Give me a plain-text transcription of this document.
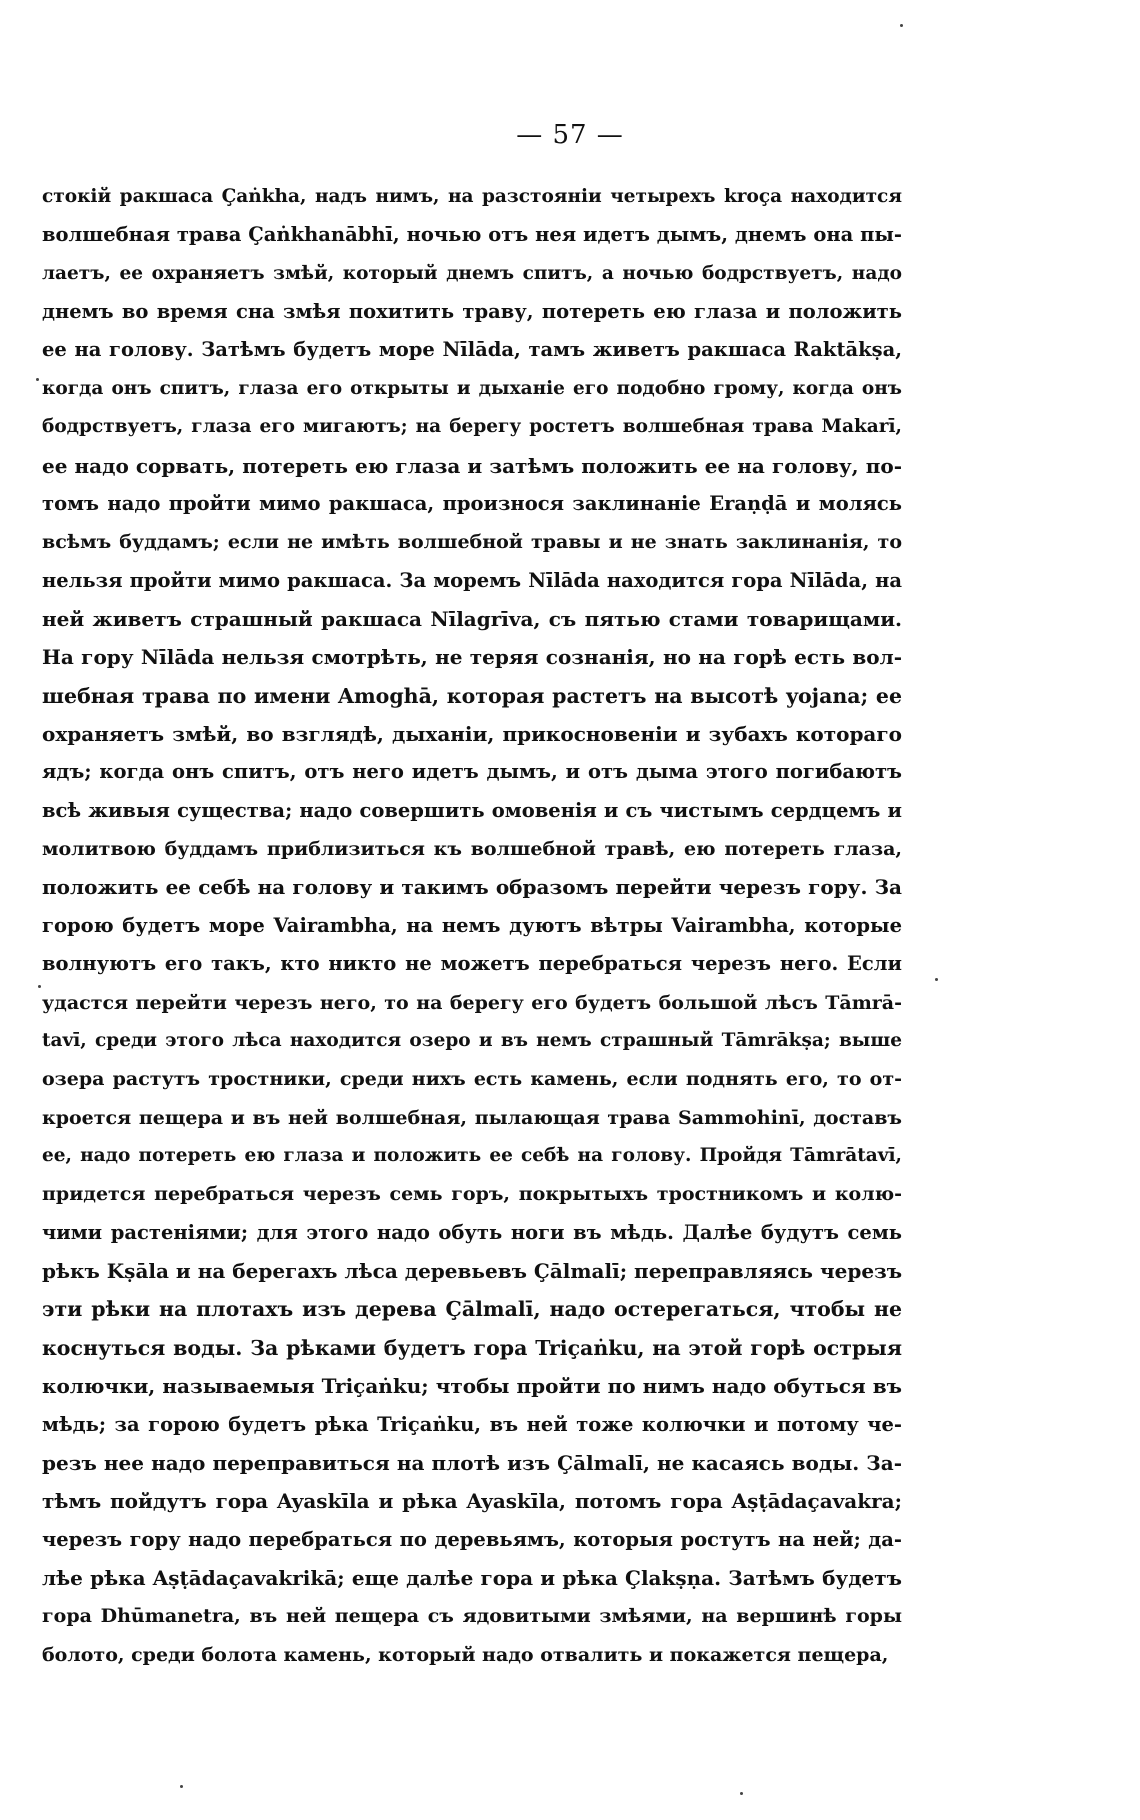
— 57 —
стокій ракшаса Çaṅkha, надъ нимъ, на разстояніи четырехъ kroça находится
волшебная трава Çaṅkhanābhī, ночью отъ нея идетъ дымъ, днемъ она пы-
лаетъ, ее охраняетъ змѣй, который днемъ спитъ, а ночью бодрствуетъ, надо
днемъ во время сна змѣя похитить траву, потереть ею глаза и положить
ее на голову. Затѣмъ будетъ море Nīlāda, тамъ живетъ ракшаса Raktākṣa,
когда онъ спитъ, глаза его открыты и дыханіе его подобно грому, когда онъ
бодрствуетъ, глаза его мигаютъ; на берегу ростетъ волшебная трава Makarī,
ее надо сорвать, потереть ею глаза и затѣмъ положить ее на голову, по-
томъ надо пройти мимо ракшаса, произнося заклинаніе Eraṇḍā и молясь
всѣмъ буддамъ; если не имѣть волшебной травы и не знать заклинанія, то
нельзя пройти мимо ракшаса. За моремъ Nīlāda находится гора Nīlāda, на
ней живетъ страшный ракшаса Nīlagrīva, съ пятью стами товарищами.
На гору Nīlāda нельзя смотрѣть, не теряя сознанія, но на горѣ есть вол-
шебная трава по имени Amoghā, которая растетъ на высотѣ yojana; ее
охраняетъ змѣй, во взглядѣ, дыханіи, прикосновеніи и зубахъ котораго
ядъ; когда онъ спитъ, отъ него идетъ дымъ, и отъ дыма этого погибаютъ
всѣ живыя существа; надо совершить омовенія и съ чистымъ сердцемъ и
молитвою буддамъ приблизиться къ волшебной травѣ, ею потереть глаза,
положить ее себѣ на голову и такимъ образомъ перейти черезъ гору. За
горою будетъ море Vairambha, на немъ дуютъ вѣтры Vairambha, которые
волнуютъ его такъ, кто никто не можетъ перебраться черезъ него. Если
удастся перейти черезъ него, то на берегу его будетъ большой лѣсъ Tāmrā-
tavī, среди этого лѣса находится озеро и въ немъ страшный Tāmrākṣa; выше
озера растутъ тростники, среди нихъ есть камень, если поднять его, то от-
кроется пещера и въ ней волшебная, пылающая трава Sammohinī, доставъ
ее, надо потереть ею глаза и положить ее себѣ на голову. Пройдя Tāmrātavī,
придется перебраться черезъ семь горъ, покрытыхъ тростникомъ и колю-
чими растеніями; для этого надо обуть ноги въ мѣдь. Далѣе будутъ семь
рѣкъ Kṣāla и на берегахъ лѣса деревьевъ Çālmalī; переправляясь черезъ
эти рѣки на плотахъ изъ дерева Çālmalī, надо остерегаться, чтобы не
коснуться воды. За рѣками будетъ гора Triçaṅku, на этой горѣ острыя
колючки, называемыя Triçaṅku; чтобы пройти по нимъ надо обуться въ
мѣдь; за горою будетъ рѣка Triçaṅku, въ ней тоже колючки и потому че-
резъ нее надо переправиться на плотѣ изъ Çālmalī, не касаясь воды. За-
тѣмъ пойдутъ гора Ayaskīla и рѣка Ayaskīla, потомъ гора Aṣṭādaçavakra;
черезъ гору надо перебраться по деревьямъ, которыя ростутъ на ней; да-
лѣе рѣка Aṣṭādaçavakrikā; еще далѣе гора и рѣка Çlakṣṇa. Затѣмъ будетъ
гора Dhūmanetra, въ ней пещера съ ядовитыми змѣями, на вершинѣ горы
болото, среди болота камень, который надо отвалить и покажется пещера,
